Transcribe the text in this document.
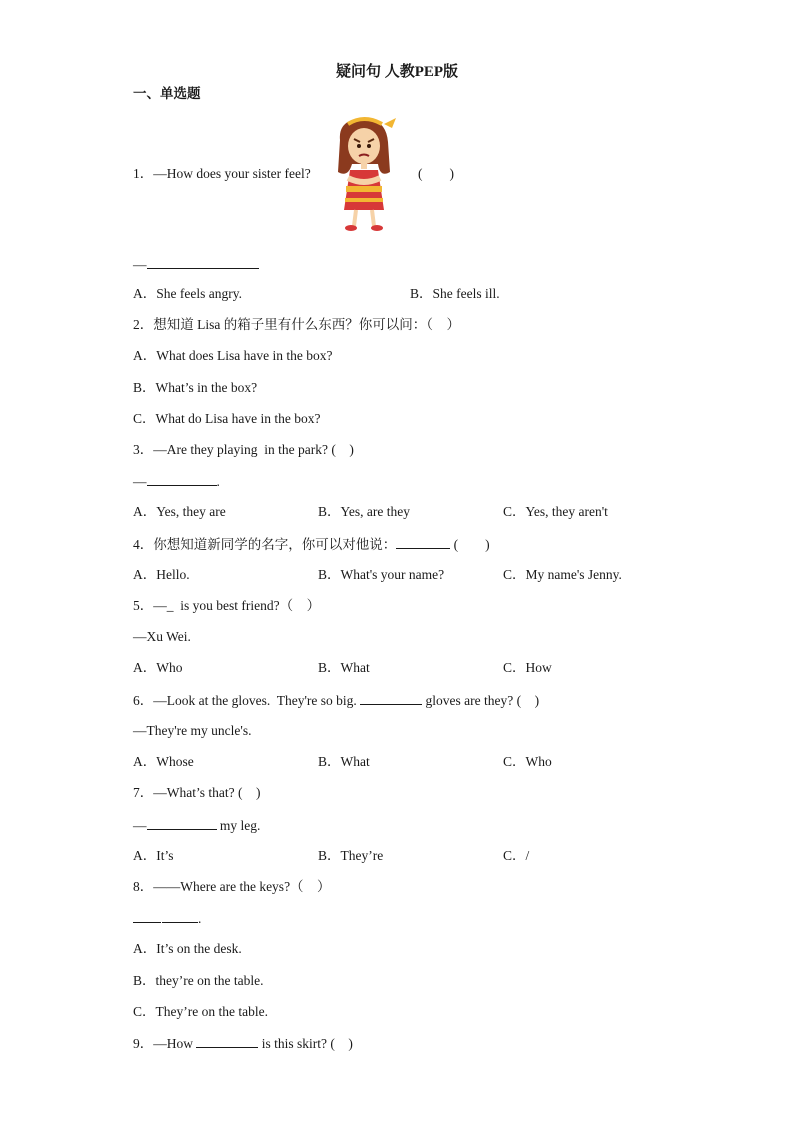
疑问句 人教PEP版
一、单选题
1．—How does your sister feel?	(　　)
—
A．She feels angry.	B．She feels ill.
2．想知道 Lisa 的箱子里有什么东西？你可以问：（　）
A．What does Lisa have in the box?
B．What’s in the box?
C．What do Lisa have in the box?
3．—Are they playing  in the park? (　)
—	.
A．Yes, they are	B．Yes, are they	C．Yes, they aren't
4．你想知道新同学的名字，你可以对他说：	(　　)
A．Hello.	B．What's your name?	C．My name's Jenny.
5．—_  is you best friend?（　）
—Xu Wei.
A．Who	B．What	C．How
6．—Look at the gloves.  They're so big.	gloves are they? (　)
—They're my uncle's.
A．Whose	B．What	C．Who
7．—What’s that? (　)
—	my leg.
A．It’s	B．They’re	C．/
8．——Where are the keys?（　）
.
A．It’s on the desk.
B．they’re on the table.
C．They’re on the table.
9．—How	is this skirt? (　)
